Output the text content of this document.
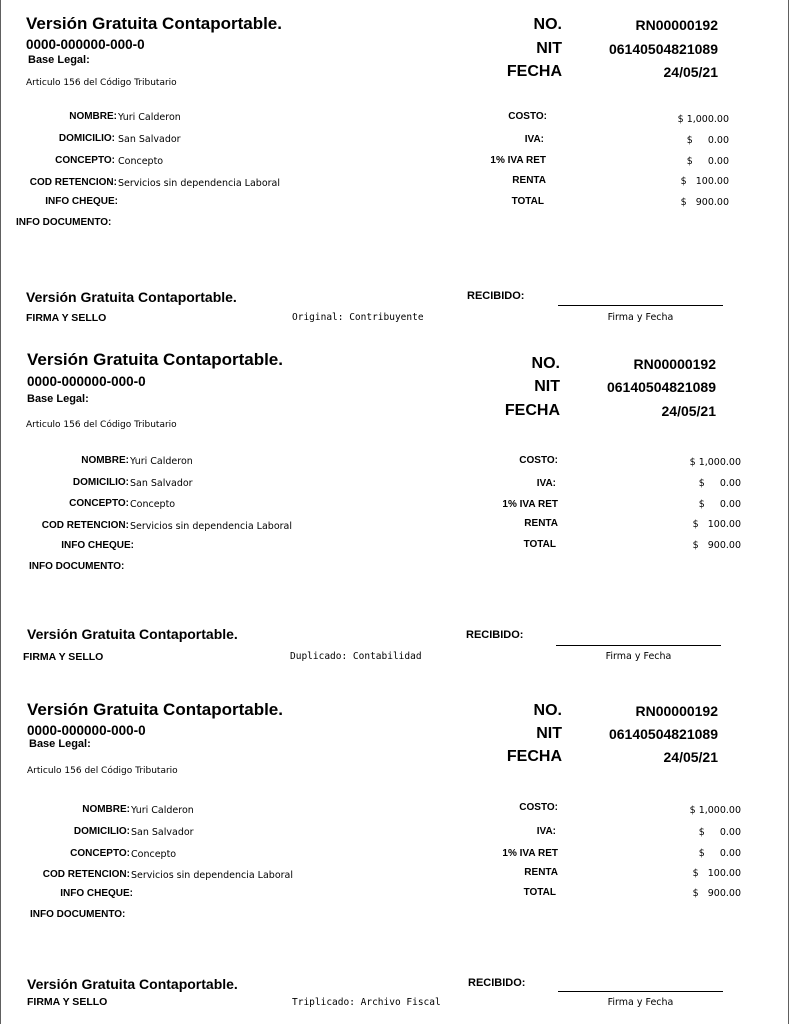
Versión Gratuita Contaportable.
0000-000000-000-0
Base Legal:
Articulo 156 del Código Tributario
NO.	RN00000192
NIT	06140504821089
FECHA	24/05/21
NOMBRE: Yuri Calderon
DOMICILIO: San Salvador
CONCEPTO: Concepto
COD RETENCION: Servicios sin dependencia Laboral
INFO CHEQUE:
INFO DOCUMENTO:
COSTO:	$ 1,000.00
IVA:	$     0.00
1% IVA RET	$     0.00
RENTA	$   100.00
TOTAL	$   900.00
Versión Gratuita Contaportable.
FIRMA Y SELLO	Original: Contribuyente
RECIBIDO:
Firma y Fecha
Versión Gratuita Contaportable.
0000-000000-000-0
Base Legal:
Articulo 156 del Código Tributario
NO.	RN00000192
NIT	06140504821089
FECHA	24/05/21
NOMBRE: Yuri Calderon
DOMICILIO: San Salvador
CONCEPTO: Concepto
COD RETENCION: Servicios sin dependencia Laboral
INFO CHEQUE:
INFO DOCUMENTO:
COSTO:	$ 1,000.00
IVA:	$     0.00
1% IVA RET	$     0.00
RENTA	$   100.00
TOTAL	$   900.00
Versión Gratuita Contaportable.
FIRMA Y SELLO	Duplicado: Contabilidad
RECIBIDO:
Firma y Fecha
Versión Gratuita Contaportable.
0000-000000-000-0
Base Legal:
Articulo 156 del Código Tributario
NO.	RN00000192
NIT	06140504821089
FECHA	24/05/21
NOMBRE: Yuri Calderon
DOMICILIO: San Salvador
CONCEPTO: Concepto
COD RETENCION: Servicios sin dependencia Laboral
INFO CHEQUE:
INFO DOCUMENTO:
COSTO:	$ 1,000.00
IVA:	$     0.00
1% IVA RET	$     0.00
RENTA	$   100.00
TOTAL	$   900.00
Versión Gratuita Contaportable.
FIRMA Y SELLO	Triplicado: Archivo Fiscal
RECIBIDO:
Firma y Fecha
